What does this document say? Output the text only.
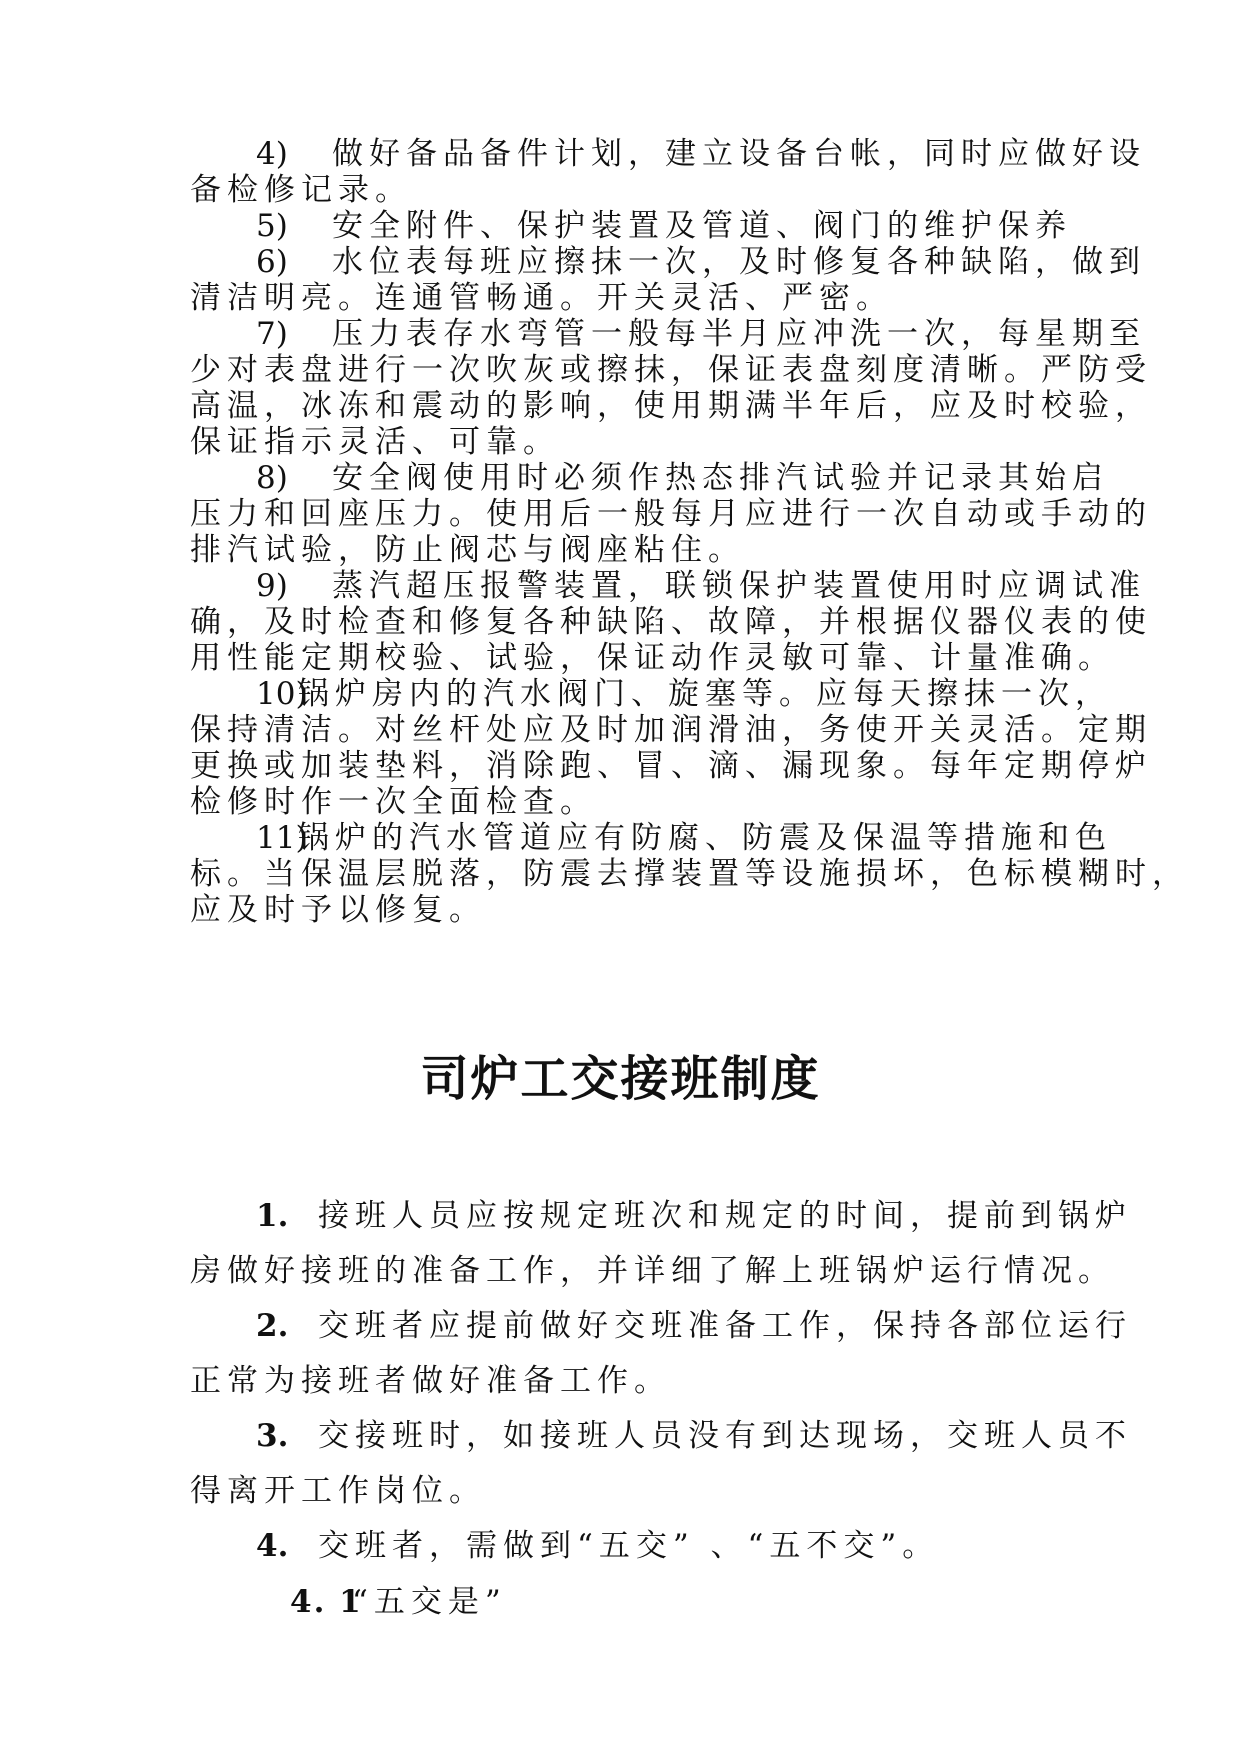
4) 做好备品备件计划，建立设备台帐，同时应做好设
备检修记录。
5) 安全附件、保护装置及管道、阀门的维护保养
6) 水位表每班应擦抹一次，及时修复各种缺陷，做到
清洁明亮。连通管畅通。开关灵活、严密。
7) 压力表存水弯管一般每半月应冲洗一次，每星期至
少对表盘进行一次吹灰或擦抹，保证表盘刻度清晰。严防受
高温，冰冻和震动的影响，使用期满半年后，应及时校验，
保证指示灵活、可靠。
8) 安全阀使用时必须作热态排汽试验并记录其始启
压力和回座压力。使用后一般每月应进行一次自动或手动的
排汽试验，防止阀芯与阀座粘住。
9) 蒸汽超压报警装置，联锁保护装置使用时应调试准
确，及时检查和修复各种缺陷、故障，并根据仪器仪表的使
用性能定期校验、试验，保证动作灵敏可靠、计量准确。
10)锅炉房内的汽水阀门、旋塞等。应每天擦抹一次，
保持清洁。对丝杆处应及时加润滑油，务使开关灵活。定期
更换或加装垫料，消除跑、冒、滴、漏现象。每年定期停炉
检修时作一次全面检查。
11)锅炉的汽水管道应有防腐、防震及保温等措施和色
标。当保温层脱落，防震去撑装置等设施损坏，色标模糊时，
应及时予以修复。
司炉工交接班制度
1. 接班人员应按规定班次和规定的时间，提前到锅炉
房做好接班的准备工作，并详细了解上班锅炉运行情况。
2. 交班者应提前做好交班准备工作，保持各部位运行
正常为接班者做好准备工作。
3. 交接班时，如接班人员没有到达现场，交班人员不
得离开工作岗位。
4. 交班者，需做到“五交” 、“五不交”。
4. 1“五交是”
